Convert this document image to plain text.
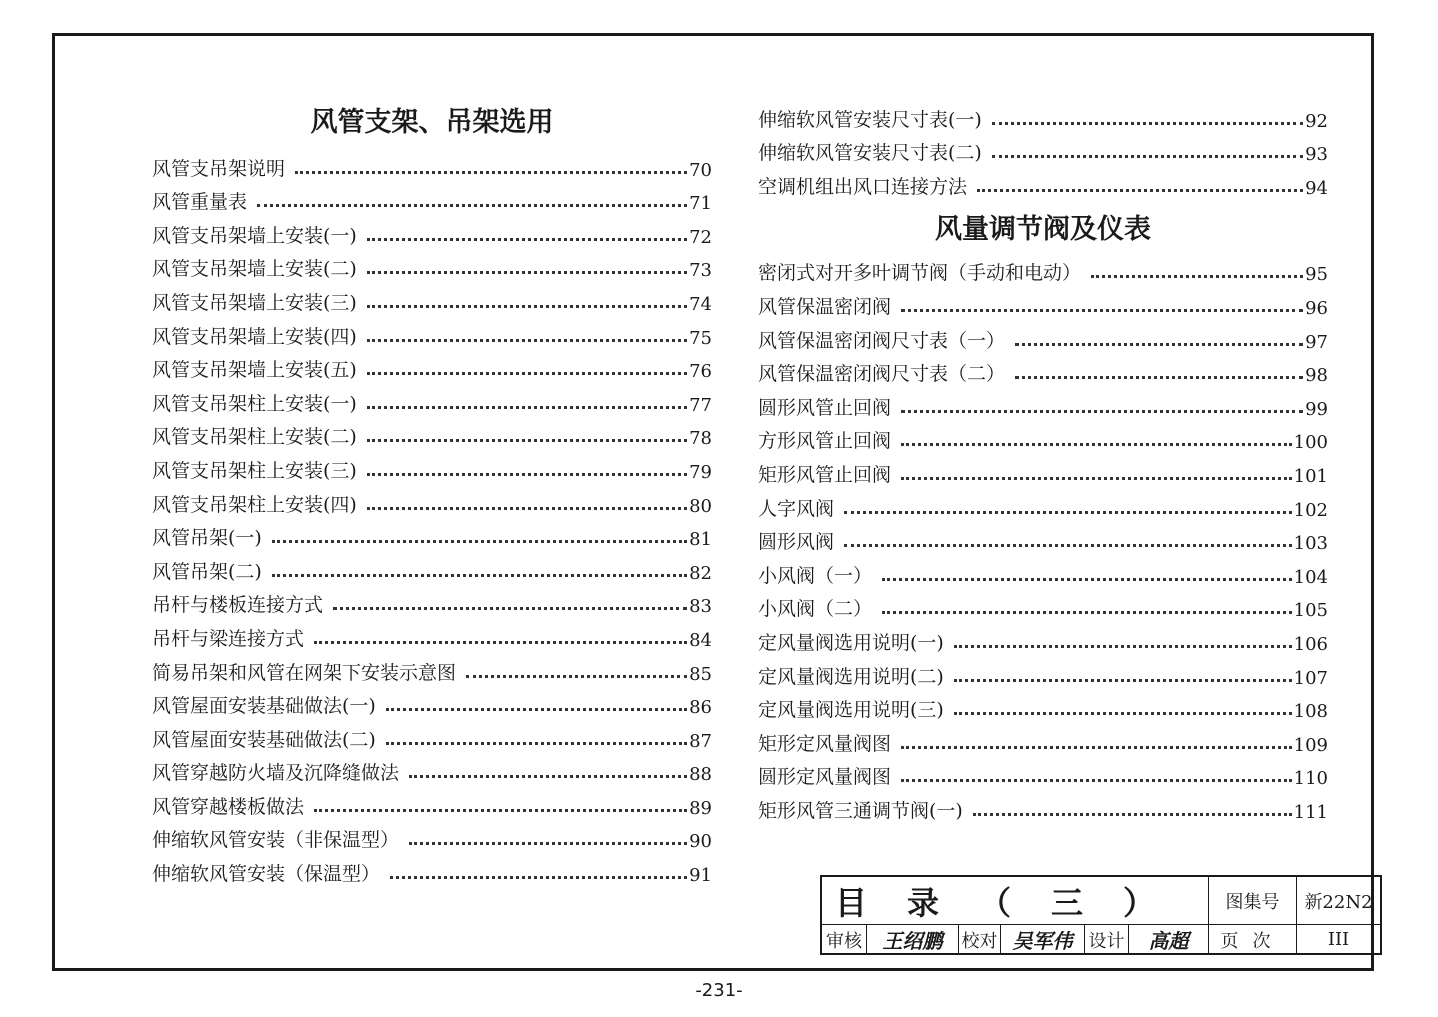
风管支架、吊架选用
风管支吊架说明	70
风管重量表	71
风管支吊架墙上安装(一)	72
风管支吊架墙上安装(二)	73
风管支吊架墙上安装(三)	74
风管支吊架墙上安装(四)	75
风管支吊架墙上安装(五)	76
风管支吊架柱上安装(一)	77
风管支吊架柱上安装(二)	78
风管支吊架柱上安装(三)	79
风管支吊架柱上安装(四)	80
风管吊架(一)	81
风管吊架(二)	82
吊杆与楼板连接方式	83
吊杆与梁连接方式	84
简易吊架和风管在网架下安装示意图	85
风管屋面安装基础做法(一)	86
风管屋面安装基础做法(二)	87
风管穿越防火墙及沉降缝做法	88
风管穿越楼板做法	89
伸缩软风管安装（非保温型）	90
伸缩软风管安装（保温型）	91
伸缩软风管安装尺寸表(一)	92
伸缩软风管安装尺寸表(二)	93
空调机组出风口连接方法	94
风量调节阀及仪表
密闭式对开多叶调节阀（手动和电动）	95
风管保温密闭阀	96
风管保温密闭阀尺寸表（一）	97
风管保温密闭阀尺寸表（二）	98
圆形风管止回阀	99
方形风管止回阀	100
矩形风管止回阀	101
人字风阀	102
圆形风阀	103
小风阀（一）	104
小风阀（二）	105
定风量阀选用说明(一)	106
定风量阀选用说明(二)	107
定风量阀选用说明(三)	108
矩形定风量阀图	109
圆形定风量阀图	110
矩形风管三通调节阀(一)	111
目录（三）	图集号	新22N2
审核	王绍鹏	校对 吴军伟 设计	高超	页次	III
-231-
